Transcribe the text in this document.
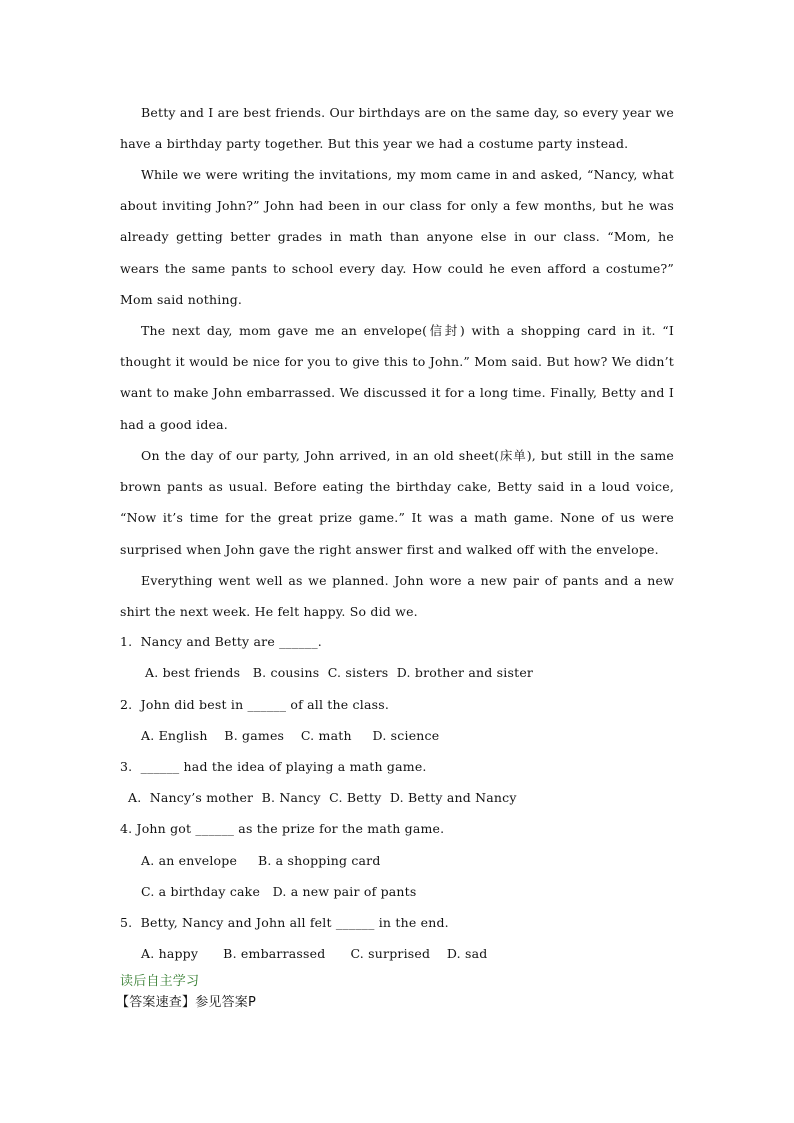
Betty and I are best friends. Our birthdays are on the same day, so every year we have a birthday party together. But this year we had a costume party instead.

While we were writing the invitations, my mom came in and asked, “Nancy, what about inviting John?” John had been in our class for only a few months, but he was already getting better grades in math than anyone else in our class. “Mom, he wears the same pants to school every day. How could he even afford a costume?” Mom said nothing.

The next day, mom gave me an envelope(信封) with a shopping card in it. “I thought it would be nice for you to give this to John.” Mom said. But how? We didn’t want to make John embarrassed. We discussed it for a long time. Finally, Betty and I had a good idea.

On the day of our party, John arrived, in an old sheet(床单), but still in the same brown pants as usual. Before eating the birthday cake, Betty said in a loud voice, “Now it’s time for the great prize game.” It was a math game. None of us were surprised when John gave the right answer first and walked off with the envelope.

Everything went well as we planned. John wore a new pair of pants and a new shirt the next week. He felt happy. So did we.

1.  Nancy and Betty are ______.

A. best friends   B. cousins  C. sisters  D. brother and sister

2.  John did best in ______ of all the class.

A. English    B. games    C. math     D. science

3.  ______ had the idea of playing a math game.

A.  Nancy’s mother  B. Nancy  C. Betty  D. Betty and Nancy

4. John got ______ as the prize for the math game.

A. an envelope     B. a shopping card

C. a birthday cake   D. a new pair of pants

5.  Betty, Nancy and John all felt ______ in the end.

A. happy      B. embarrassed      C. surprised    D. sad

读后自主学习

【答案速查】参见答案P
